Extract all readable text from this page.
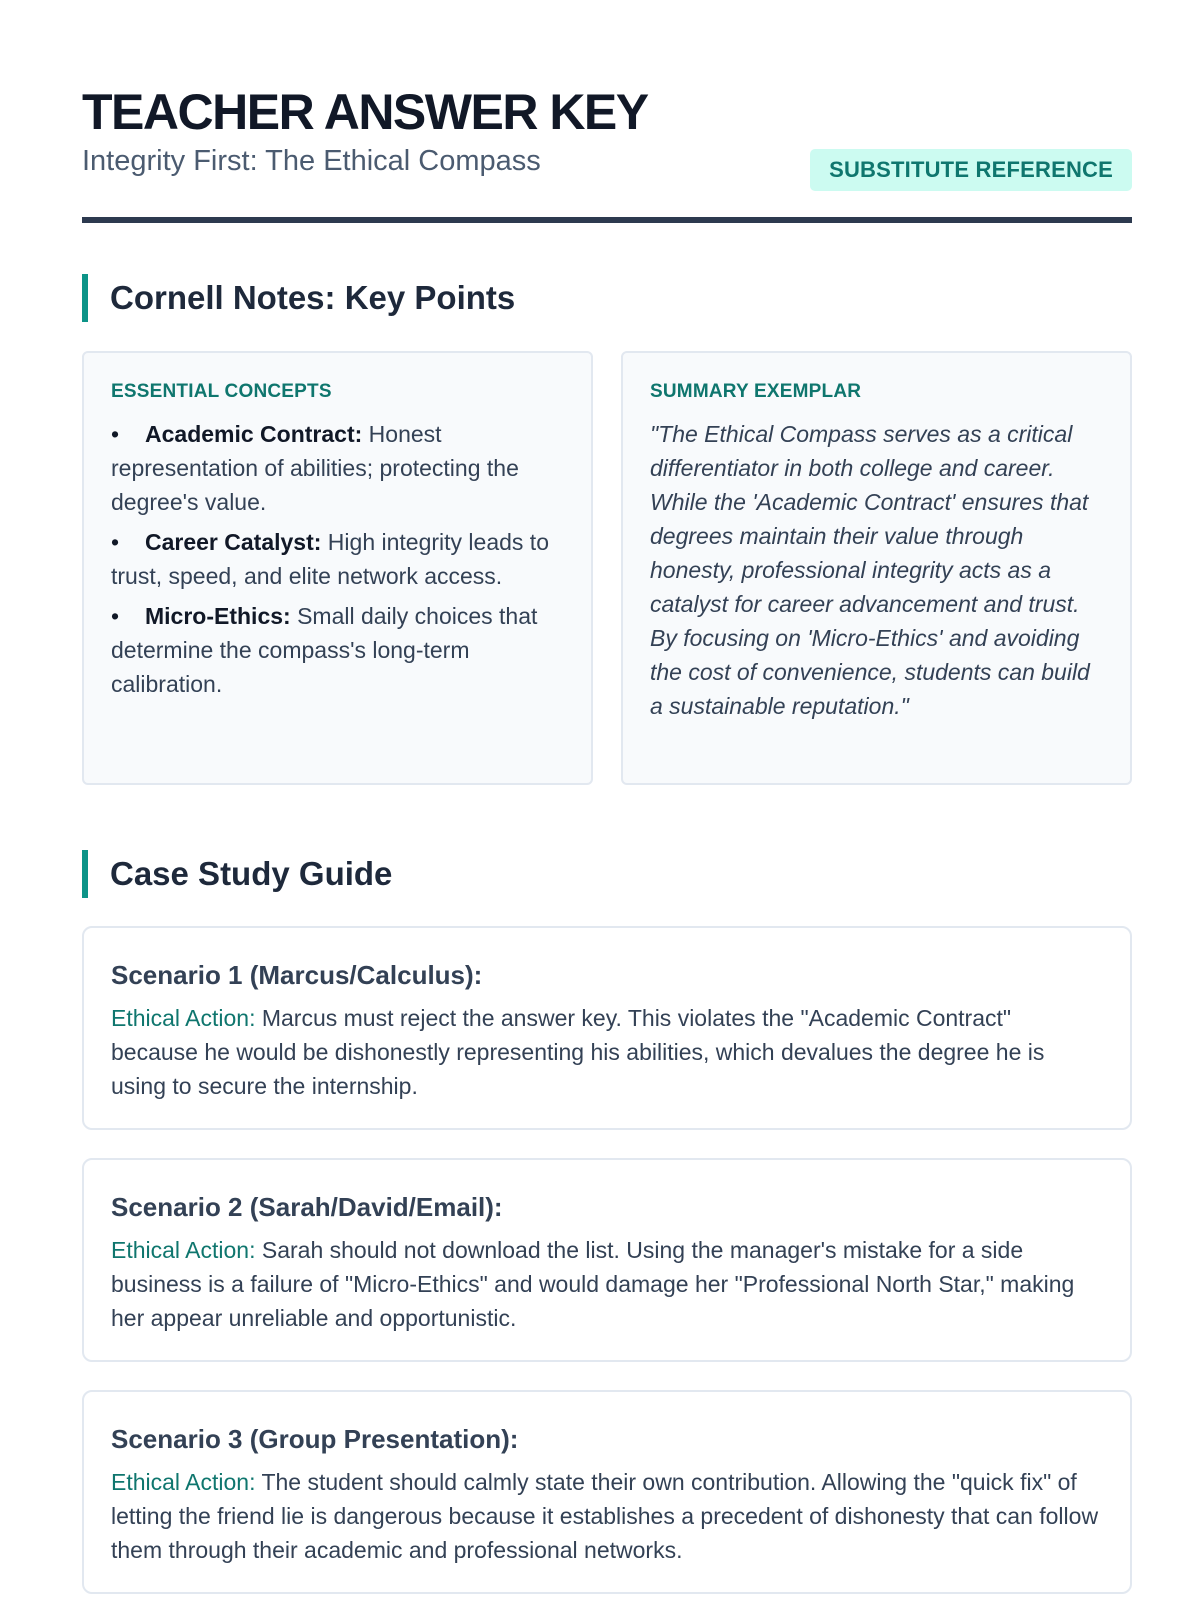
TEACHER ANSWER KEY
Integrity First: The Ethical Compass	SUBSTITUTE REFERENCE
Cornell Notes: Key Points
ESSENTIAL CONCEPTS
• Academic Contract: Honest representation of abilities; protecting the degree's value.
• Career Catalyst: High integrity leads to trust, speed, and elite network access.
• Micro-Ethics: Small daily choices that determine the compass's long-term calibration.
SUMMARY EXEMPLAR
"The Ethical Compass serves as a critical differentiator in both college and career. While the 'Academic Contract' ensures that degrees maintain their value through honesty, professional integrity acts as a catalyst for career advancement and trust. By focusing on 'Micro-Ethics' and avoiding the cost of convenience, students can build a sustainable reputation."
Case Study Guide
Scenario 1 (Marcus/Calculus):
Ethical Action: Marcus must reject the answer key. This violates the "Academic Contract" because he would be dishonestly representing his abilities, which devalues the degree he is using to secure the internship.
Scenario 2 (Sarah/David/Email):
Ethical Action: Sarah should not download the list. Using the manager's mistake for a side business is a failure of "Micro-Ethics" and would damage her "Professional North Star," making her appear unreliable and opportunistic.
Scenario 3 (Group Presentation):
Ethical Action: The student should calmly state their own contribution. Allowing the "quick fix" of letting the friend lie is dangerous because it establishes a precedent of dishonesty that can follow them through their academic and professional networks.
